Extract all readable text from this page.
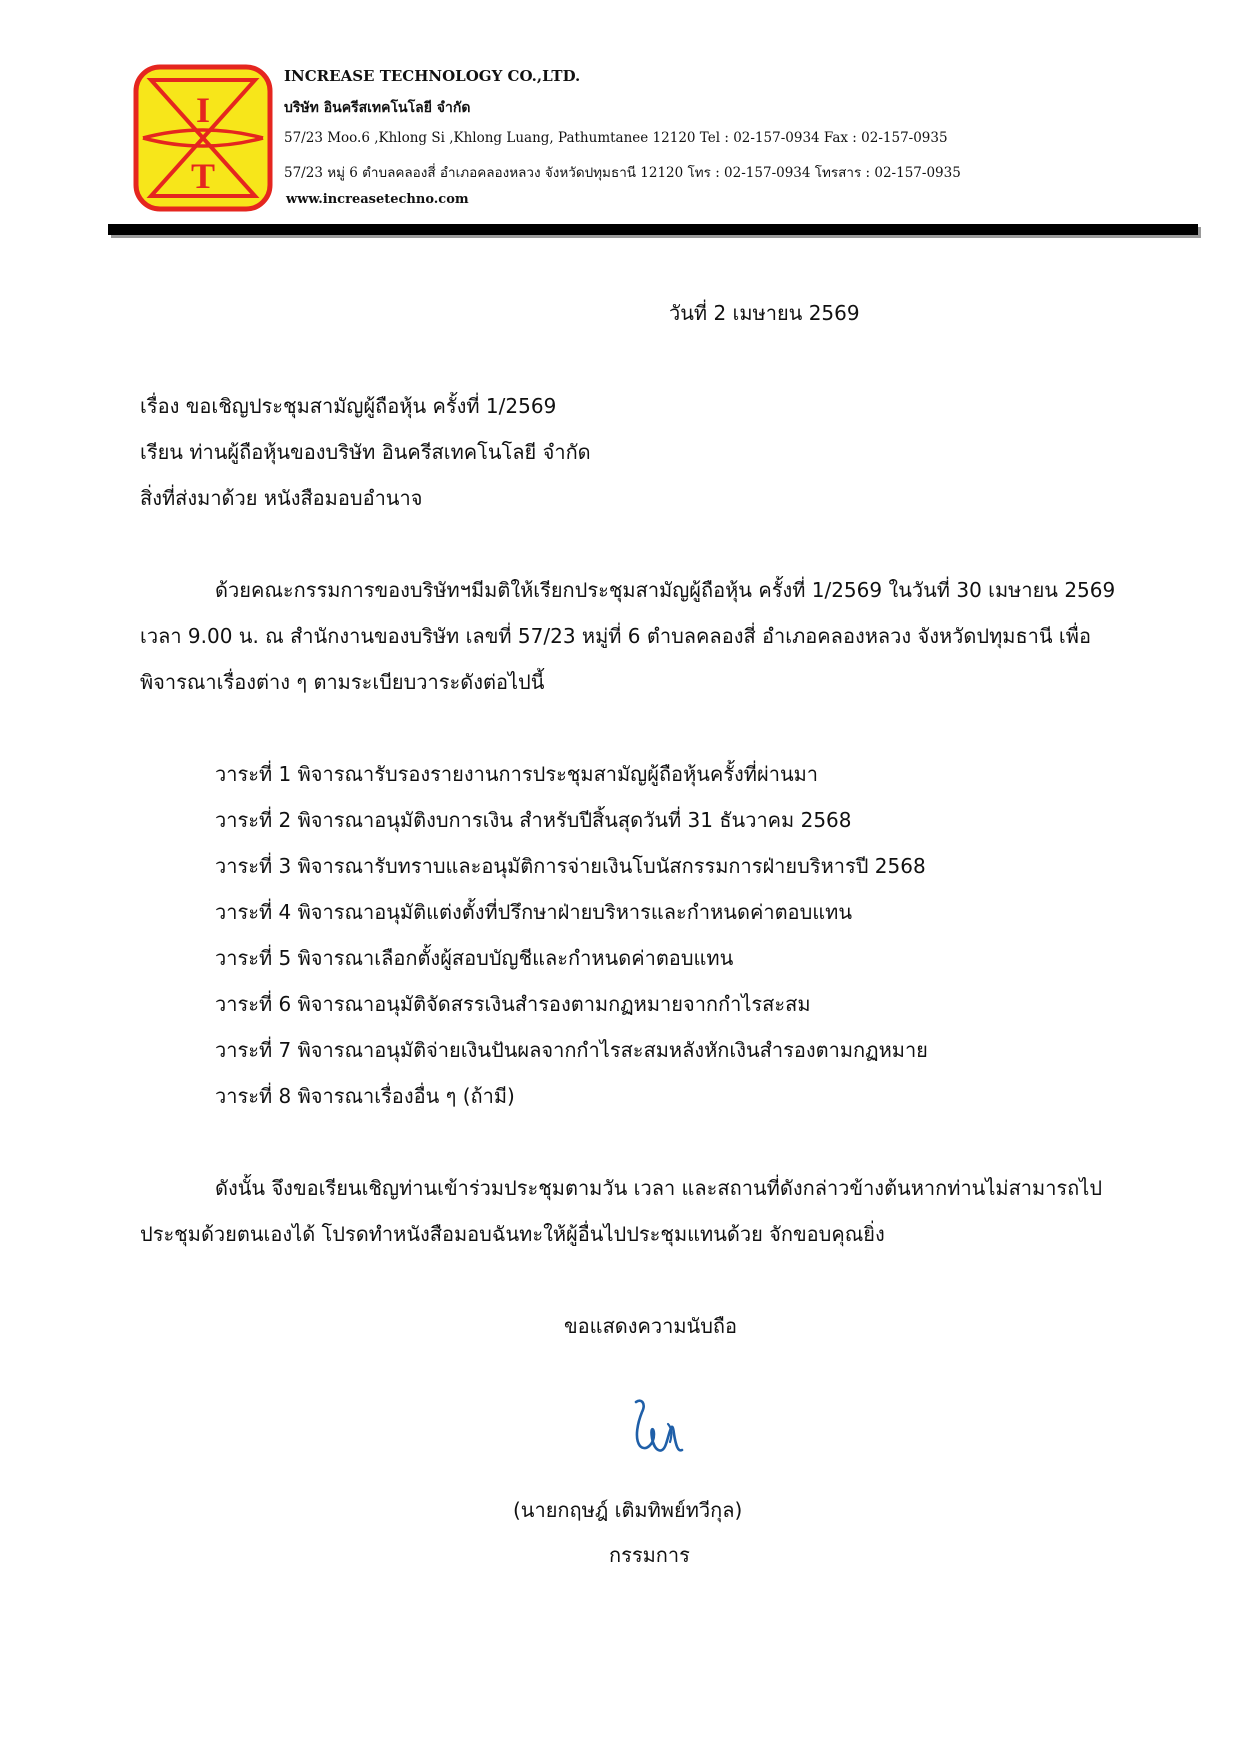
I
T
INCREASE TECHNOLOGY CO.,LTD.
บริษัท อินครีสเทคโนโลยี จำกัด
57/23 Moo.6 ,Khlong Si ,Khlong Luang, Pathumtanee 12120 Tel : 02-157-0934 Fax : 02-157-0935
57/23 หมู่ 6 ตำบลคลองสี่ อำเภอคลองหลวง จังหวัดปทุมธานี 12120 โทร : 02-157-0934 โทรสาร : 02-157-0935
www.increasetechno.com
วันที่ 2 เมษายน 2569
เรื่อง ขอเชิญประชุมสามัญผู้ถือหุ้น ครั้งที่ 1/2569
เรียน ท่านผู้ถือหุ้นของบริษัท อินครีสเทคโนโลยี จำกัด
สิ่งที่ส่งมาด้วย หนังสือมอบอำนาจ
ด้วยคณะกรรมการของบริษัทฯมีมติให้เรียกประชุมสามัญผู้ถือหุ้น ครั้งที่ 1/2569 ในวันที่ 30 เมษายน 2569
เวลา 9.00 น. ณ สำนักงานของบริษัท เลขที่ 57/23 หมู่ที่ 6 ตำบลคลองสี่ อำเภอคลองหลวง จังหวัดปทุมธานี เพื่อ
พิจารณาเรื่องต่าง ๆ ตามระเบียบวาระดังต่อไปนี้
วาระที่ 1 พิจารณารับรองรายงานการประชุมสามัญผู้ถือหุ้นครั้งที่ผ่านมา
วาระที่ 2 พิจารณาอนุมัติงบการเงิน สำหรับปีสิ้นสุดวันที่ 31 ธันวาคม 2568
วาระที่ 3 พิจารณารับทราบและอนุมัติการจ่ายเงินโบนัสกรรมการฝ่ายบริหารปี 2568
วาระที่ 4 พิจารณาอนุมัติแต่งตั้งที่ปรึกษาฝ่ายบริหารและกำหนดค่าตอบแทน
วาระที่ 5 พิจารณาเลือกตั้งผู้สอบบัญชีและกำหนดค่าตอบแทน
วาระที่ 6 พิจารณาอนุมัติจัดสรรเงินสำรองตามกฏหมายจากกำไรสะสม
วาระที่ 7 พิจารณาอนุมัติจ่ายเงินปันผลจากกำไรสะสมหลังหักเงินสำรองตามกฏหมาย
วาระที่ 8 พิจารณาเรื่องอื่น ๆ (ถ้ามี)
ดังนั้น จึงขอเรียนเชิญท่านเข้าร่วมประชุมตามวัน เวลา และสถานที่ดังกล่าวข้างต้นหากท่านไม่สามารถไป
ประชุมด้วยตนเองได้ โปรดทำหนังสือมอบฉันทะให้ผู้อื่นไปประชุมแทนด้วย จักขอบคุณยิ่ง
ขอแสดงความนับถือ
(นายกฤษฎ์ เติมทิพย์ทวีกุล)
กรรมการ
